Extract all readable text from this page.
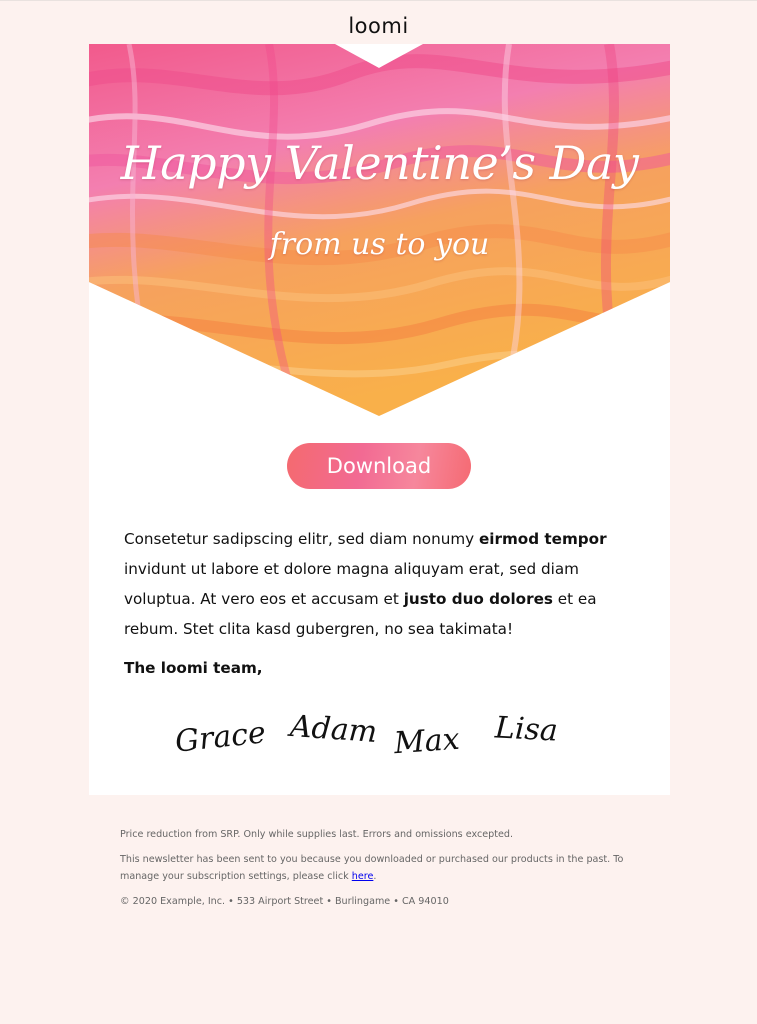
loomi
Happy Valentine’s Day
from us to you
Download
Consetetur sadipscing elitr, sed diam nonumy eirmod tempor invidunt ut labore et dolore magna aliquyam erat, sed diam voluptua. At vero eos et accusam et justo duo dolores et ea rebum. Stet clita kasd gubergren, no sea takimata!
The loomi team,
Grace Adam Max Lisa
Price reduction from SRP. Only while supplies last. Errors and omissions excepted.
This newsletter has been sent to you because you downloaded or purchased our products in the past. To manage your subscription settings, please click here.
© 2020 Example, Inc. • 533 Airport Street • Burlingame • CA 94010
